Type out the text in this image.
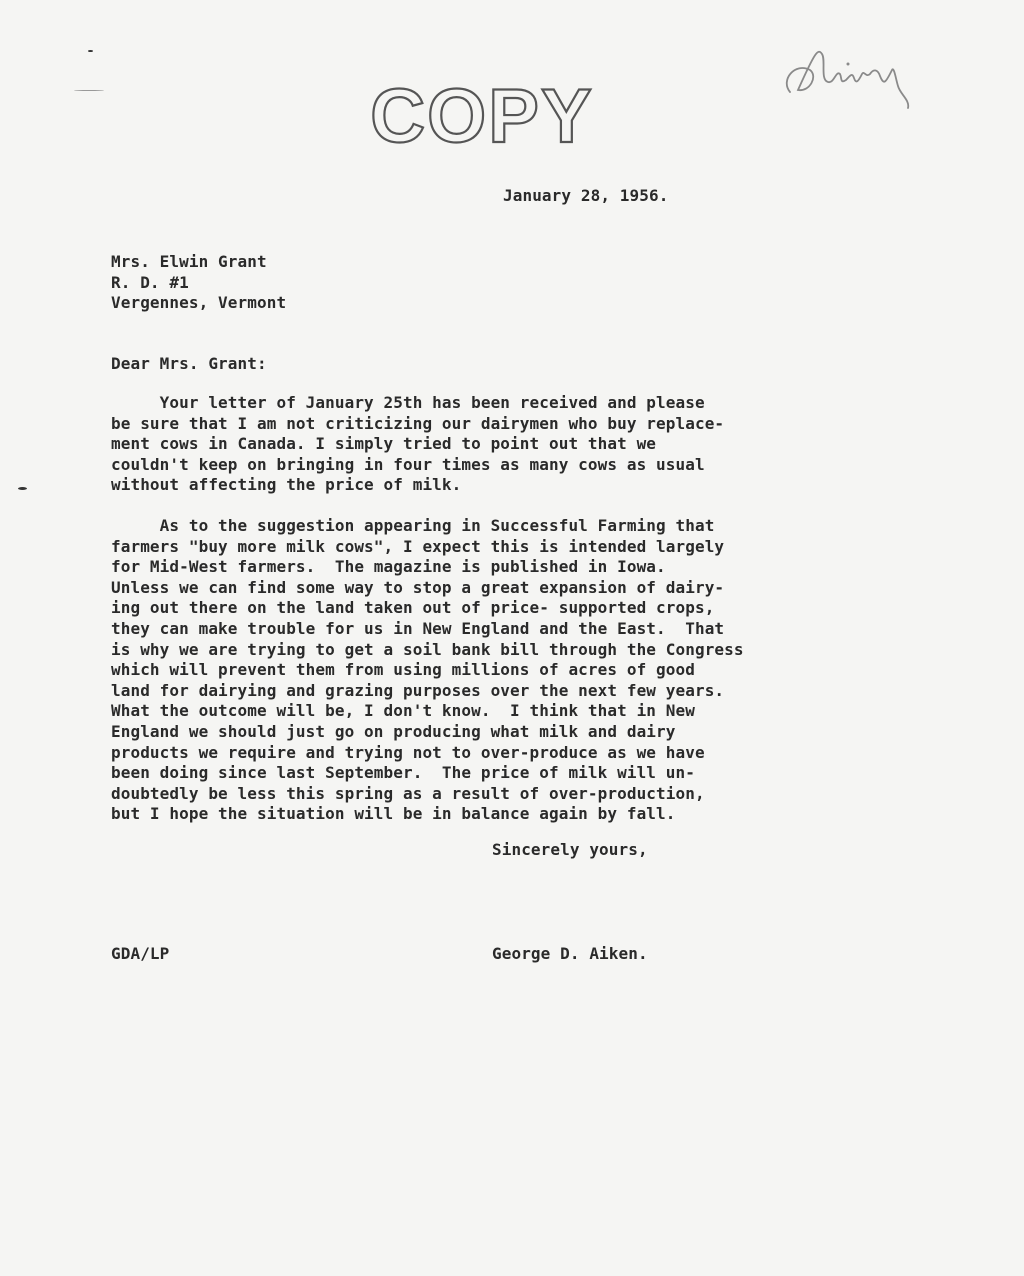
COPY
January 28, 1956.
Mrs. Elwin Grant
R. D. #1
Vergennes, Vermont
Dear Mrs. Grant:
Your letter of January 25th has been received and please
be sure that I am not criticizing our dairymen who buy replace-
ment cows in Canada. I simply tried to point out that we
couldn't keep on bringing in four times as many cows as usual
without affecting the price of milk.
As to the suggestion appearing in Successful Farming that
farmers "buy more milk cows", I expect this is intended largely
for Mid-West farmers.  The magazine is published in Iowa.
Unless we can find some way to stop a great expansion of dairy-
ing out there on the land taken out of price- supported crops,
they can make trouble for us in New England and the East.  That
is why we are trying to get a soil bank bill through the Congress
which will prevent them from using millions of acres of good
land for dairying and grazing purposes over the next few years.
What the outcome will be, I don't know.  I think that in New
England we should just go on producing what milk and dairy
products we require and trying not to over-produce as we have
been doing since last September.  The price of milk will un-
doubtedly be less this spring as a result of over-production,
but I hope the situation will be in balance again by fall.
Sincerely yours,
GDA/LP	George D. Aiken.
